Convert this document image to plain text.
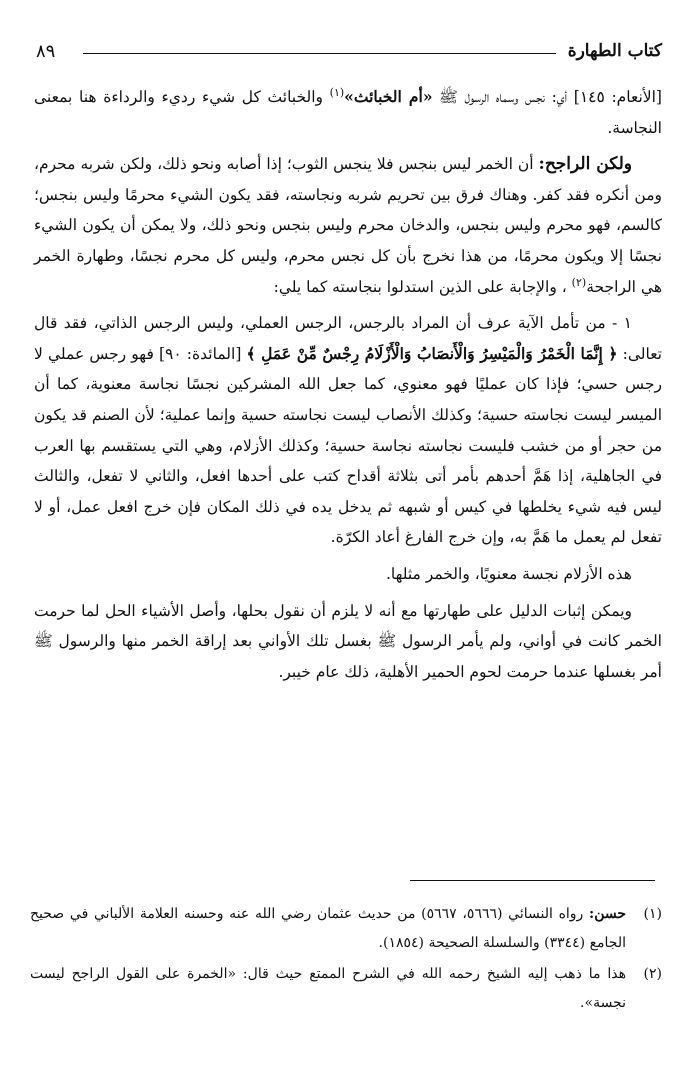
كتاب الطهارة
٨٩

[الأنعام: ١٤٥] أي: نجس وسماه الرسول ﷺ «أم الخبائث»$^{(١)}$ والخبائث كل شيء رديء والرداءة هنا بمعنى النجاسة.

ولكن الراجح: أن الخمر ليس بنجس فلا ينجس الثوب؛ إذا أصابه ونحو ذلك، ولكن شربه محرم، ومن أنكره فقد كفر. وهناك فرق بين تحريم شربه ونجاسته، فقد يكون الشيء محرمًا وليس بنجس؛ كالسم، فهو محرم وليس بنجس، والدخان محرم وليس بنجس ونحو ذلك، ولا يمكن أن يكون الشيء نجسًا إلا ويكون محرمًا، من هذا نخرج بأن كل نجس محرم، وليس كل محرم نجسًا، وطهارة الخمر هي الراجحة$^{(٢)}$ ، والإجابة على الذين استدلوا بنجاسته كما يلي:

١ - من تأمل الآية عرف أن المراد بالرجس، الرجس العملي، وليس الرجس الذاتي، فقد قال تعالى: ﴿ إِنَّمَا الْخَمْرُ وَالْمَيْسِرُ وَالْأَنصَابُ وَالْأَزْلَامُ رِجْسٌ مِّنْ عَمَلِ ﴾ [المائدة: ٩٠] فهو رجس عملي لا رجس حسي؛ فإذا كان عمليًا فهو معنوي، كما جعل الله المشركين نجسًا نجاسة معنوية، كما أن الميسر ليست نجاسته حسية؛ وكذلك الأنصاب ليست نجاسته حسية وإنما عملية؛ لأن الصنم قد يكون من حجر أو من خشب فليست نجاسته نجاسة حسية؛ وكذلك الأزلام، وهي التي يستقسم بها العرب في الجاهلية، إذا هَمَّ أحدهم بأمر أتى بثلاثة أقداح كتب على أحدها افعل، والثاني لا تفعل، والثالث ليس فيه شيء يخلطها في كيس أو شبهه ثم يدخل يده في ذلك المكان فإن خرج افعل عمل، أو لا تفعل لم يعمل ما هَمَّ به، وإن خرج الفارغ أعاد الكرّة.

هذه الأزلام نجسة معنويًا، والخمر مثلها.

ويمكن إثبات الدليل على طهارتها مع أنه لا يلزم أن نقول بحلها، وأصل الأشياء الحل لما حرمت الخمر كانت في أواني، ولم يأمر الرسول ﷺ بغسل تلك الأواني بعد إراقة الخمر منها والرسول ﷺ أمر بغسلها عندما حرمت لحوم الحمير الأهلية، ذلك عام خيبر.

(١)
حسن: رواه النسائي (٥٦٦٦، ٥٦٦٧) من حديث عثمان رضي الله عنه وحسنه العلامة الألباني في صحيح الجامع (٣٣٤٤) والسلسلة الصحيحة (١٨٥٤).
(٢)
هذا ما ذهب إليه الشيخ رحمه الله في الشرح الممتع حيث قال: «الخمرة على القول الراجح ليست نجسة».
